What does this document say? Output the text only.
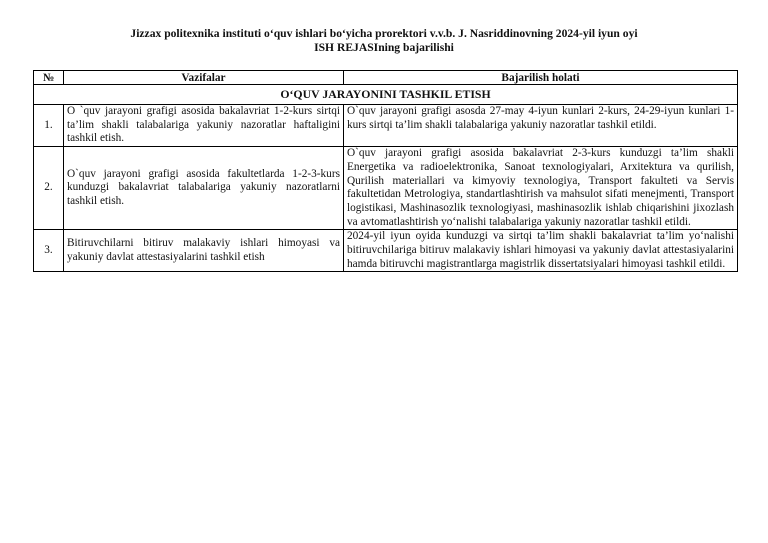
Jizzax politexnika instituti o‘quv ishlari bo‘yicha prorektori v.v.b. J. Nasriddinovning 2024-yil iyun oyi
ISH REJASIning bajarilishi
№	Vazifalar	Bajarilish holati
O‘QUV JARAYONINI TASHKIL ETISH		
1.	O `quv jarayoni grafigi asosida bakalavriat 1-2-kurs sirtqi ta’lim shakli talabalariga yakuniy nazoratlar haftaligini tashkil etish.	O`quv jarayoni grafigi asosda 27-may 4-iyun kunlari 2-kurs, 24-29-iyun kunlari 1-kurs sirtqi ta’lim shakli talabalariga yakuniy nazoratlar tashkil etildi.
2.	O`quv jarayoni grafigi asosida fakultetlarda 1-2-3-kurs kunduzgi bakalavriat talabalariga yakuniy nazoratlarni tashkil etish.	O`quv jarayoni grafigi asosida bakalavriat 2-3-kurs kunduzgi ta’lim shakli Energetika va radioelektronika, Sanoat texnologiyalari, Arxitektura va qurilish, Qurilish materiallari va kimyoviy texnologiya, Transport fakulteti va Servis fakultetidan Metrologiya, standartlashtirish va mahsulot sifati menejmenti, Transport logistikasi, Mashinasozlik texnologiyasi, mashinasozlik ishlab chiqarishini jixozlash va avtomatlashtirish yo‘nalishi talabalariga yakuniy nazoratlar tashkil etildi.
3.	Bitiruvchilarni bitiruv malakaviy ishlari himoyasi va yakuniy davlat attestasiyalarini tashkil etish	2024-yil iyun oyida kunduzgi va sirtqi ta’lim shakli bakalavriat ta’lim yo‘nalishi bitiruvchilariga bitiruv malakaviy ishlari himoyasi va yakuniy davlat attestasiyalarini hamda bitiruvchi magistrantlarga magistrlik dissertatsiyalari himoyasi tashkil etildi.
